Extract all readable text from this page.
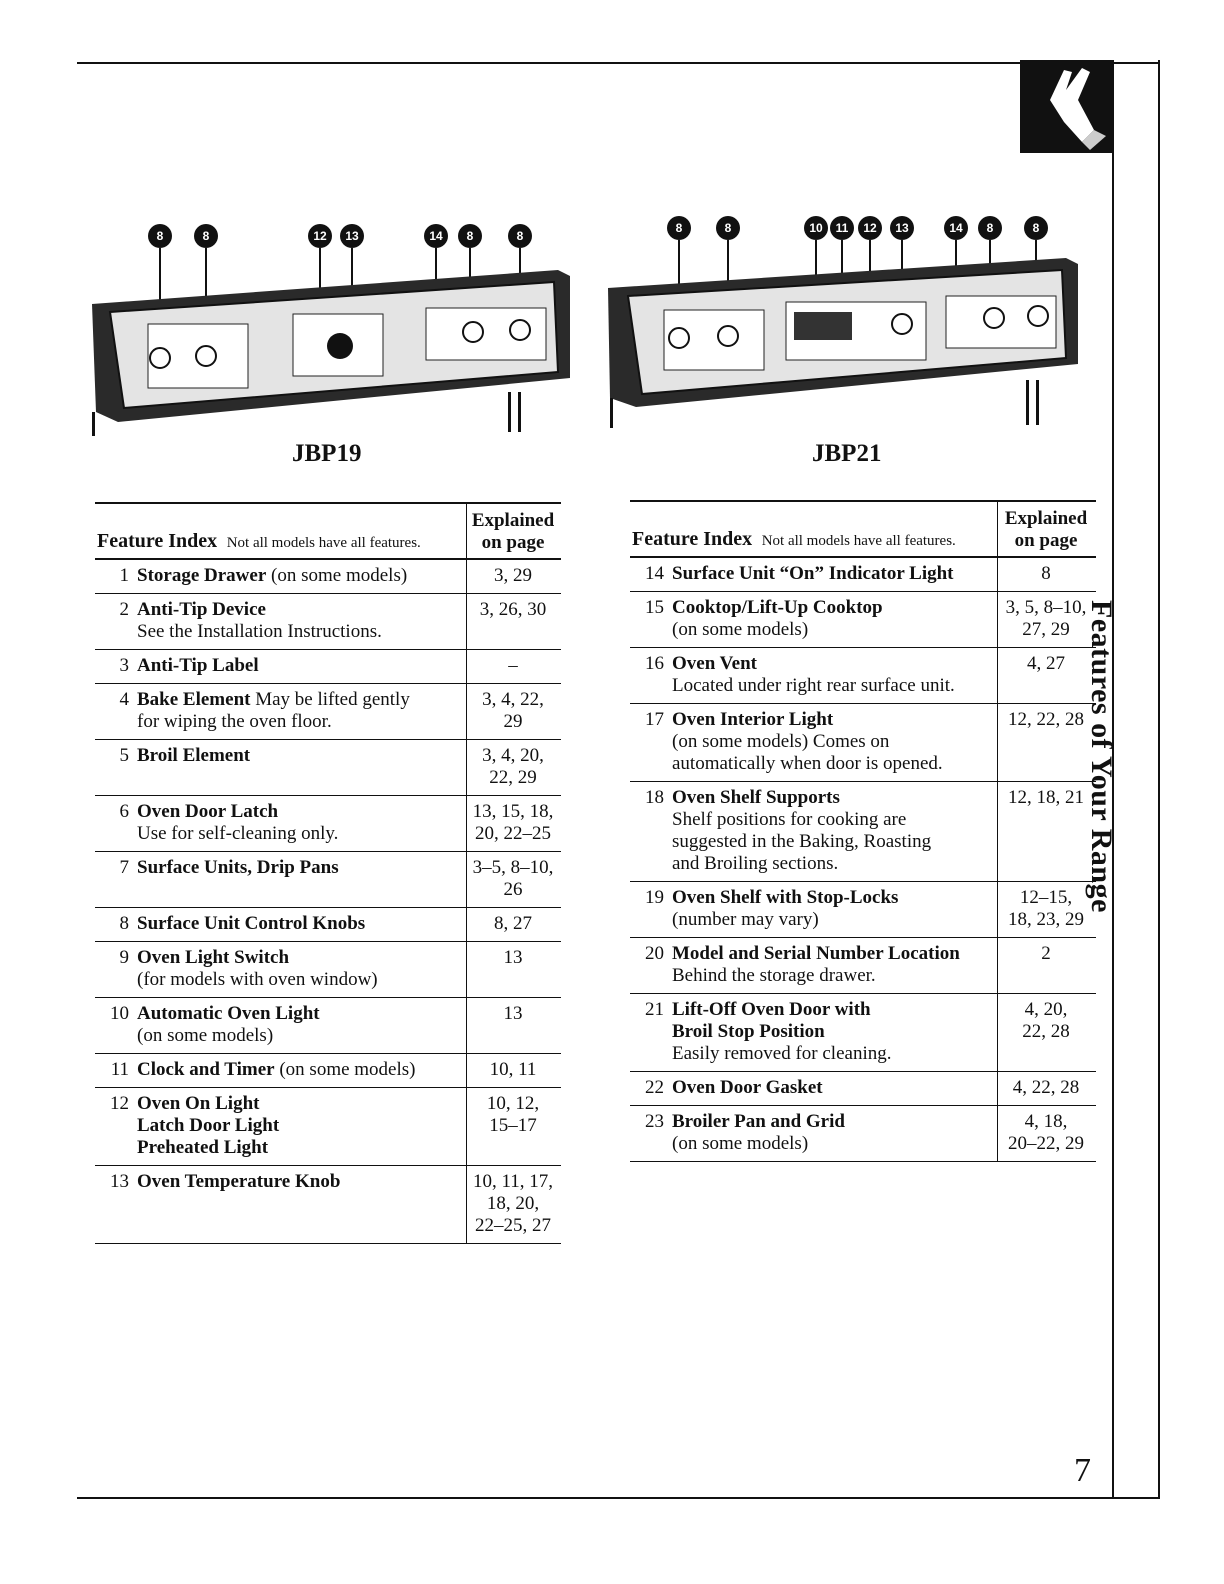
8	8	12 13	14 8	8
JBP19
8	8	10 11 12 13	14 8	8
JBP21
Feature Index Not all models have all features.		Explained
on page
1	Storage Drawer (on some models)	3, 29
2	Anti-Tip Device
See the Installation Instructions.	3, 26, 30
3	Anti-Tip Label	–
4	Bake Element May be lifted gently
for wiping the oven floor.	3, 4, 22,
29
5	Broil Element	3, 4, 20,
22, 29
6	Oven Door Latch
Use for self-cleaning only.	13, 15, 18,
20, 22–25
7	Surface Units, Drip Pans	3–5, 8–10,
26
8	Surface Unit Control Knobs	8, 27
9	Oven Light Switch
(for models with oven window)	13
10	Automatic Oven Light
(on some models)	13
11	Clock and Timer (on some models)	10, 11
12	Oven On Light
Latch Door Light
Preheated Light	10, 12,
15–17
13	Oven Temperature Knob	10, 11, 17,
18, 20,
22–25, 27
Feature Index Not all models have all features.		Explained
on page
14	Surface Unit “On” Indicator Light	8
15	Cooktop/Lift-Up Cooktop
(on some models)	3, 5, 8–10,
27, 29
16	Oven Vent
Located under right rear surface unit.	4, 27
17	Oven Interior Light
(on some models) Comes on
automatically when door is opened.	12, 22, 28
18	Oven Shelf Supports
Shelf positions for cooking are
suggested in the Baking, Roasting
and Broiling sections.	12, 18, 21
19	Oven Shelf with Stop-Locks
(number may vary)	12–15,
18, 23, 29
20	Model and Serial Number Location
Behind the storage drawer.	2
21	Lift-Off Oven Door with
Broil Stop Position
Easily removed for cleaning.	4, 20,
22, 28
22	Oven Door Gasket	4, 22, 28
23	Broiler Pan and Grid
(on some models)	4, 18,
20–22, 29
Features of Your Range
7
